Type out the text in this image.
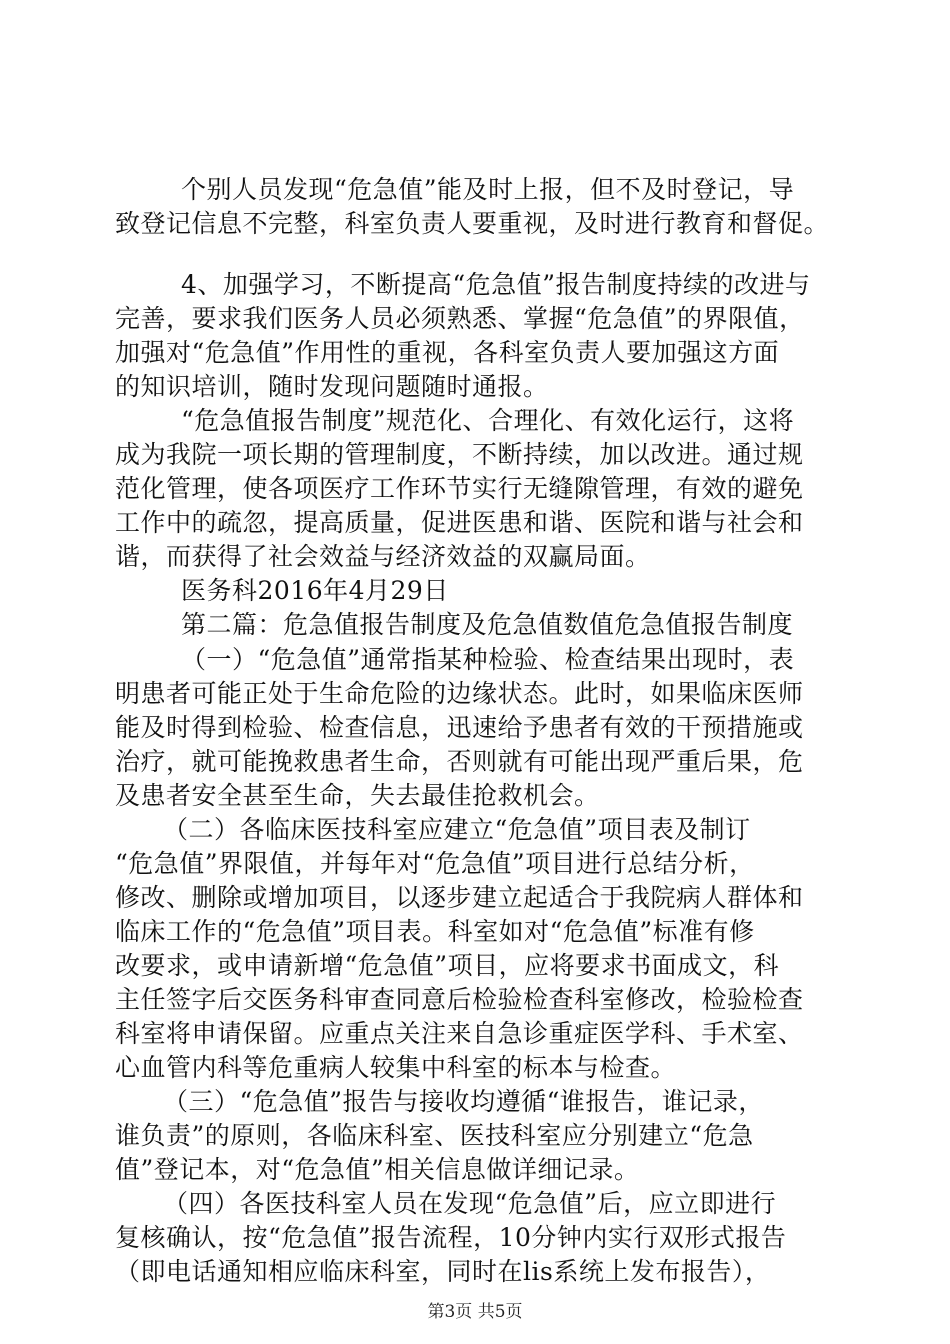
个别人员发现“危急值”能及时上报，但不及时登记，导
致登记信息不完整，科室负责人要重视，及时进行教育和督促。
4、加强学习，不断提高“危急值”报告制度持续的改进与
完善，要求我们医务人员必须熟悉、掌握“危急值”的界限值，
加强对“危急值”作用性的重视，各科室负责人要加强这方面
的知识培训，随时发现问题随时通报。
“危急值报告制度”规范化、合理化、有效化运行，这将
成为我院一项长期的管理制度，不断持续，加以改进。通过规
范化管理，使各项医疗工作环节实行无缝隙管理，有效的避免
工作中的疏忽，提高质量，促进医患和谐、医院和谐与社会和
谐，而获得了社会效益与经济效益的双赢局面。
医务科2016年4月29日
第二篇：危急值报告制度及危急值数值危急值报告制度
（一）“危急值”通常指某种检验、检查结果出现时，表
明患者可能正处于生命危险的边缘状态。此时，如果临床医师
能及时得到检验、检查信息，迅速给予患者有效的干预措施或
治疗，就可能挽救患者生命，否则就有可能出现严重后果，危
及患者安全甚至生命，失去最佳抢救机会。
（二）各临床医技科室应建立“危急值”项目表及制订
“危急值”界限值，并每年对“危急值”项目进行总结分析，
修改、删除或增加项目，以逐步建立起适合于我院病人群体和
临床工作的“危急值”项目表。科室如对“危急值”标准有修
改要求，或申请新增“危急值”项目，应将要求书面成文，科
主任签字后交医务科审查同意后检验检查科室修改，检验检查
科室将申请保留。应重点关注来自急诊重症医学科、手术室、
心血管内科等危重病人较集中科室的标本与检查。
（三）“危急值”报告与接收均遵循“谁报告，谁记录，
谁负责”的原则，各临床科室、医技科室应分别建立“危急
值”登记本，对“危急值”相关信息做详细记录。
（四）各医技科室人员在发现“危急值”后，应立即进行
复核确认，按“危急值”报告流程，10分钟内实行双形式报告
（即电话通知相应临床科室，同时在lis系统上发布报告），
第3页 共5页
